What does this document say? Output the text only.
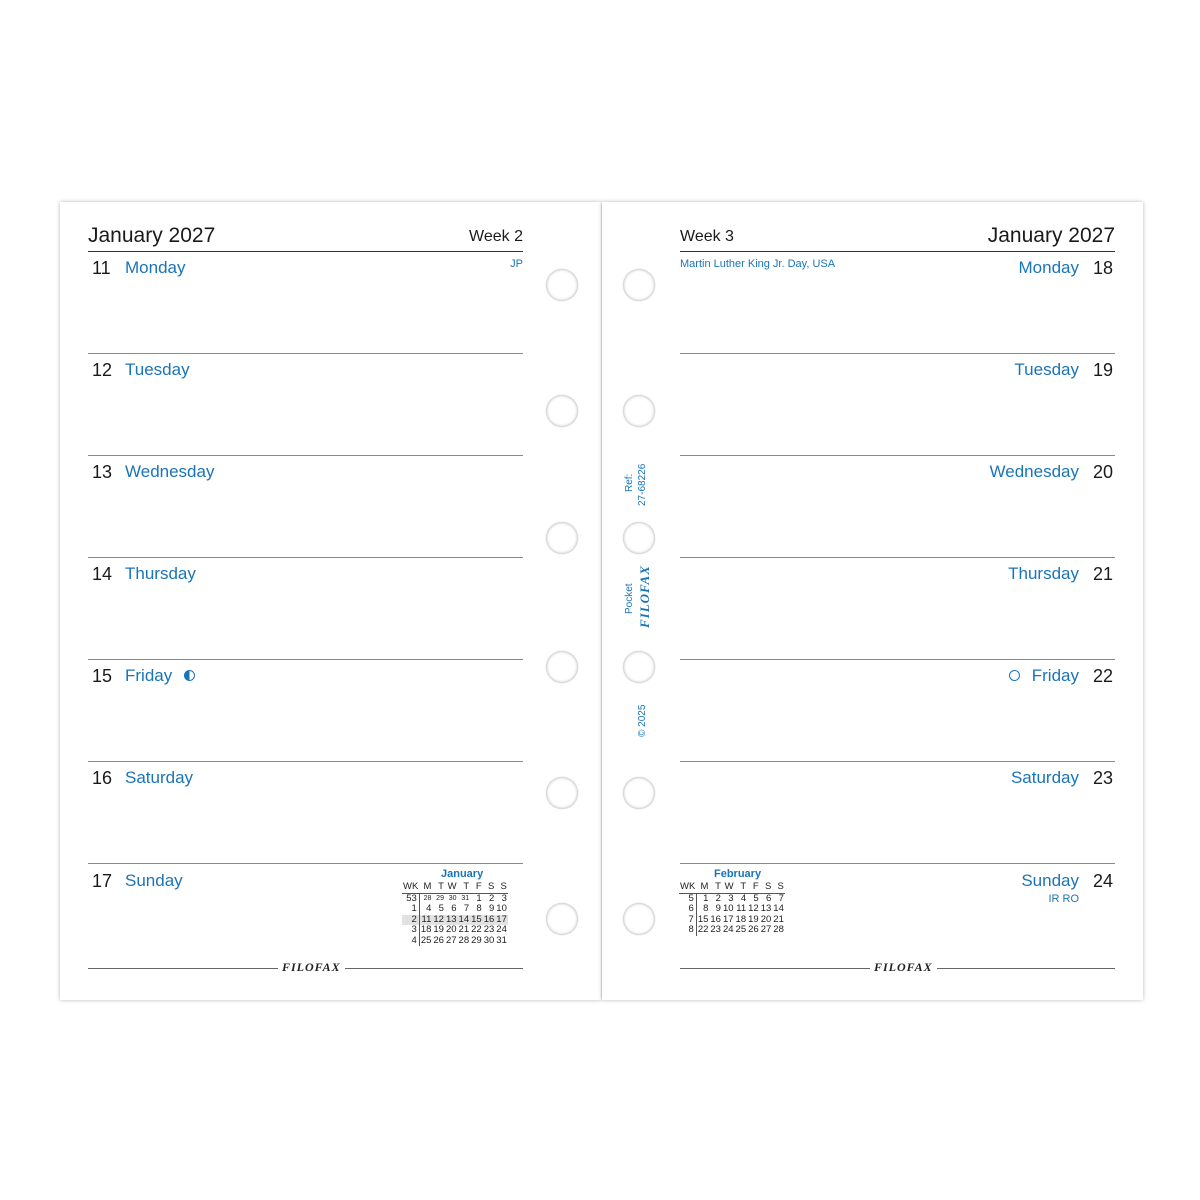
January 2027	Week 2
11 Monday	JP
12 Tuesday
13 Wednesday
14 Thursday
15 Friday
16 Saturday
17 Sunday	January
WK	M	T	W	T	F	S	S
53	28	29	30	31	1	2	3
1	4	5	6	7	8	9	10
2	11	12	13	14	15	16	17
3	18	19	20	21	22	23	24
4	25	26	27	28	29	30	31
FILOFAX
Week 3	January 2027
Martin Luther King Jr. Day, USA	Monday 18
Tuesday 19
Wednesday 20
Thursday 21
Friday 22
Saturday 23
Sunday 24
IR RO
February
WK	M	T	W	T	F	S	S
5	1	2	3	4	5	6	7
6	8	9	10	11	12	13	14
7	15	16	17	18	19	20	21
8	22	23	24	25	26	27	28
FILOFAX
Ref: 27-68226
Pocket FILOFAX
© 2025
